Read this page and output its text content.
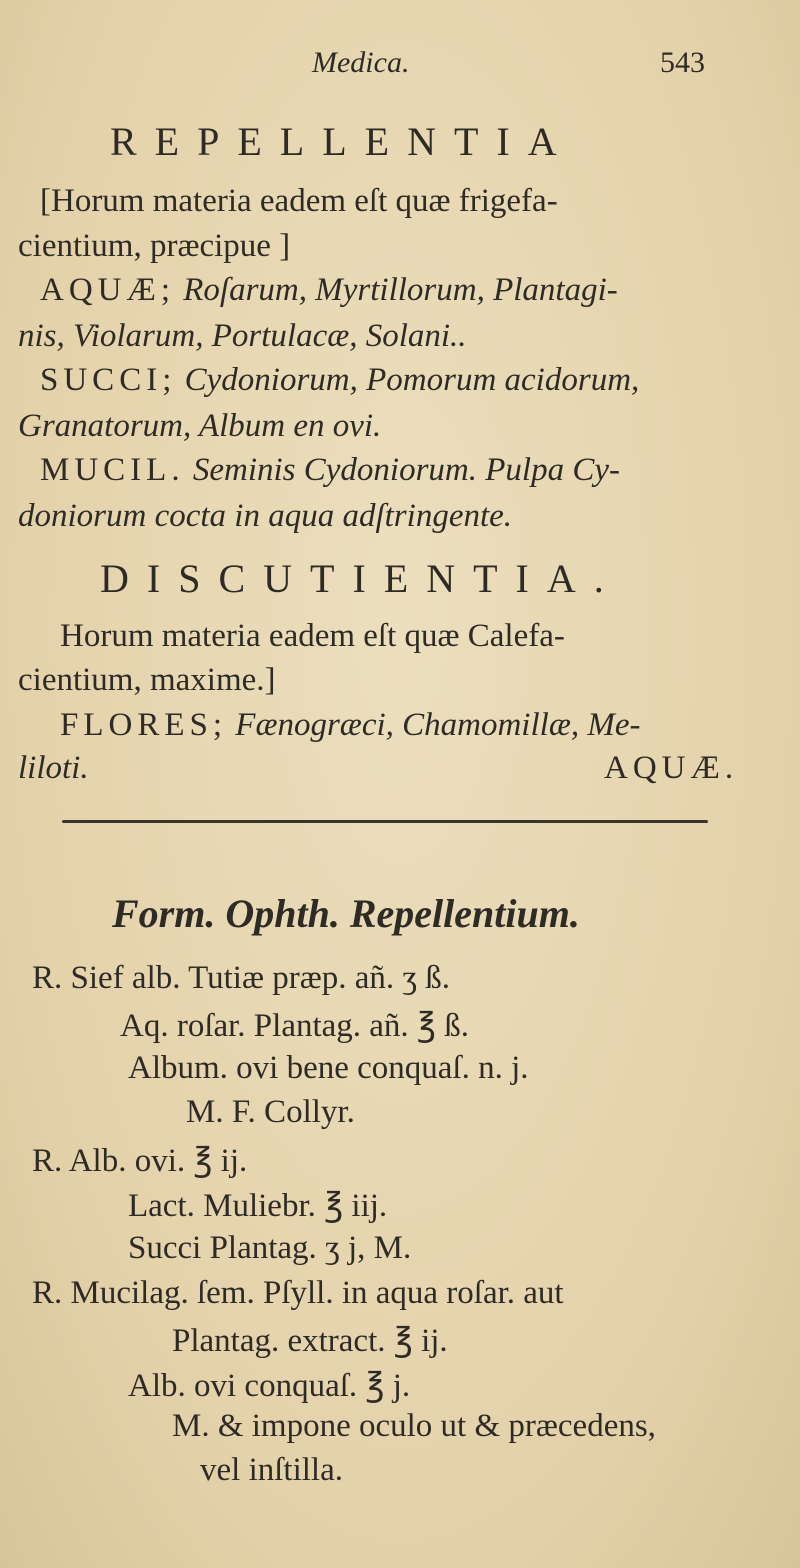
Medica.	543
REPELLENTIA
[Horum materia eadem eſt quæ frigefa-
cientium, præcipue ]
AQUÆ; Roſarum, Myrtillorum, Plantagi-
nis, Violarum, Portulacæ, Solani..
SUCCI; Cydoniorum, Pomorum acidorum,
Granatorum, Album en ovi.
MUCIL. Seminis Cydoniorum. Pulpa Cy-
doniorum cocta in aqua adſtringente.
DISCUTIENTIA.
Horum materia eadem eſt quæ Calefa-
cientium, maxime.]
FLORES; Fænogræci, Chamomillæ, Me-
liloti.	AQUÆ.
Form. Ophth. Repellentium.
R. Sief alb. Tutiæ præp. añ. ʒ ß.
Aq. roſar. Plantag. añ. ℥ ß.
Album. ovi bene conquaſ. n. j.
M. F. Collyr.
R. Alb. ovi. ℥ ij.
Lact. Muliebr. ℥ iij.
Succi Plantag. ʒ j, M.
R. Mucilag. ſem. Pſyll. in aqua roſar. aut
Plantag. extract. ℥ ij.
Alb. ovi conquaſ. ℥ j.
M. & impone oculo ut & præcedens,
vel inſtilla.
